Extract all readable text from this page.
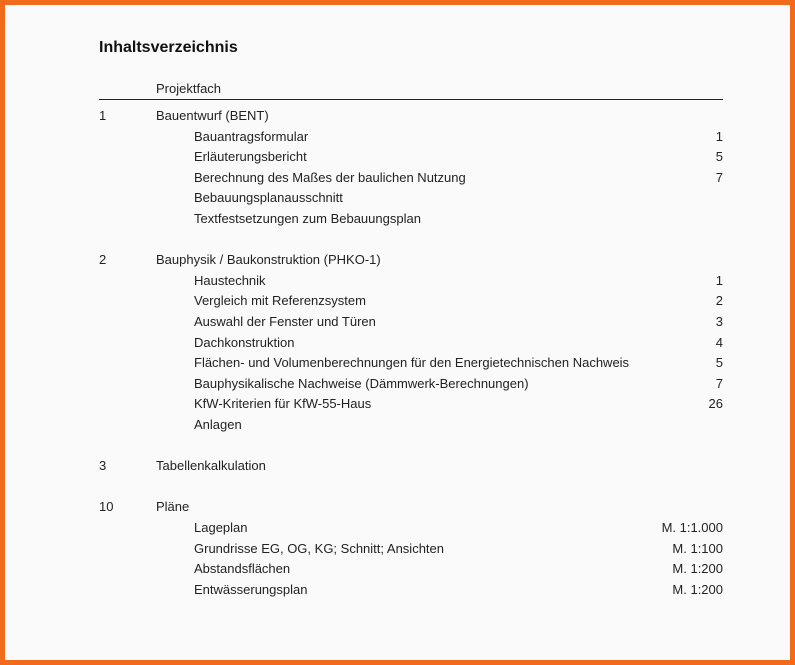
Inhaltsverzeichnis
Projektfach
1	Bauentwurf (BENT)
Bauantragsformular	1
Erläuterungsbericht	5
Berechnung des Maßes der baulichen Nutzung	7
Bebauungsplanausschnitt
Textfestsetzungen zum Bebauungsplan
2	Bauphysik / Baukonstruktion (PHKO-1)
Haustechnik	1
Vergleich mit Referenzsystem	2
Auswahl der Fenster und Türen	3
Dachkonstruktion	4
Flächen- und Volumenberechnungen für den Energietechnischen Nachweis	5
Bauphysikalische Nachweise (Dämmwerk-Berechnungen)	7
KfW-Kriterien für KfW-55-Haus	26
Anlagen
3	Tabellenkalkulation
10	Pläne
Lageplan	M. 1:1.000
Grundrisse EG, OG, KG; Schnitt; Ansichten	M. 1:100
Abstandsflächen	M. 1:200
Entwässerungsplan	M. 1:200
